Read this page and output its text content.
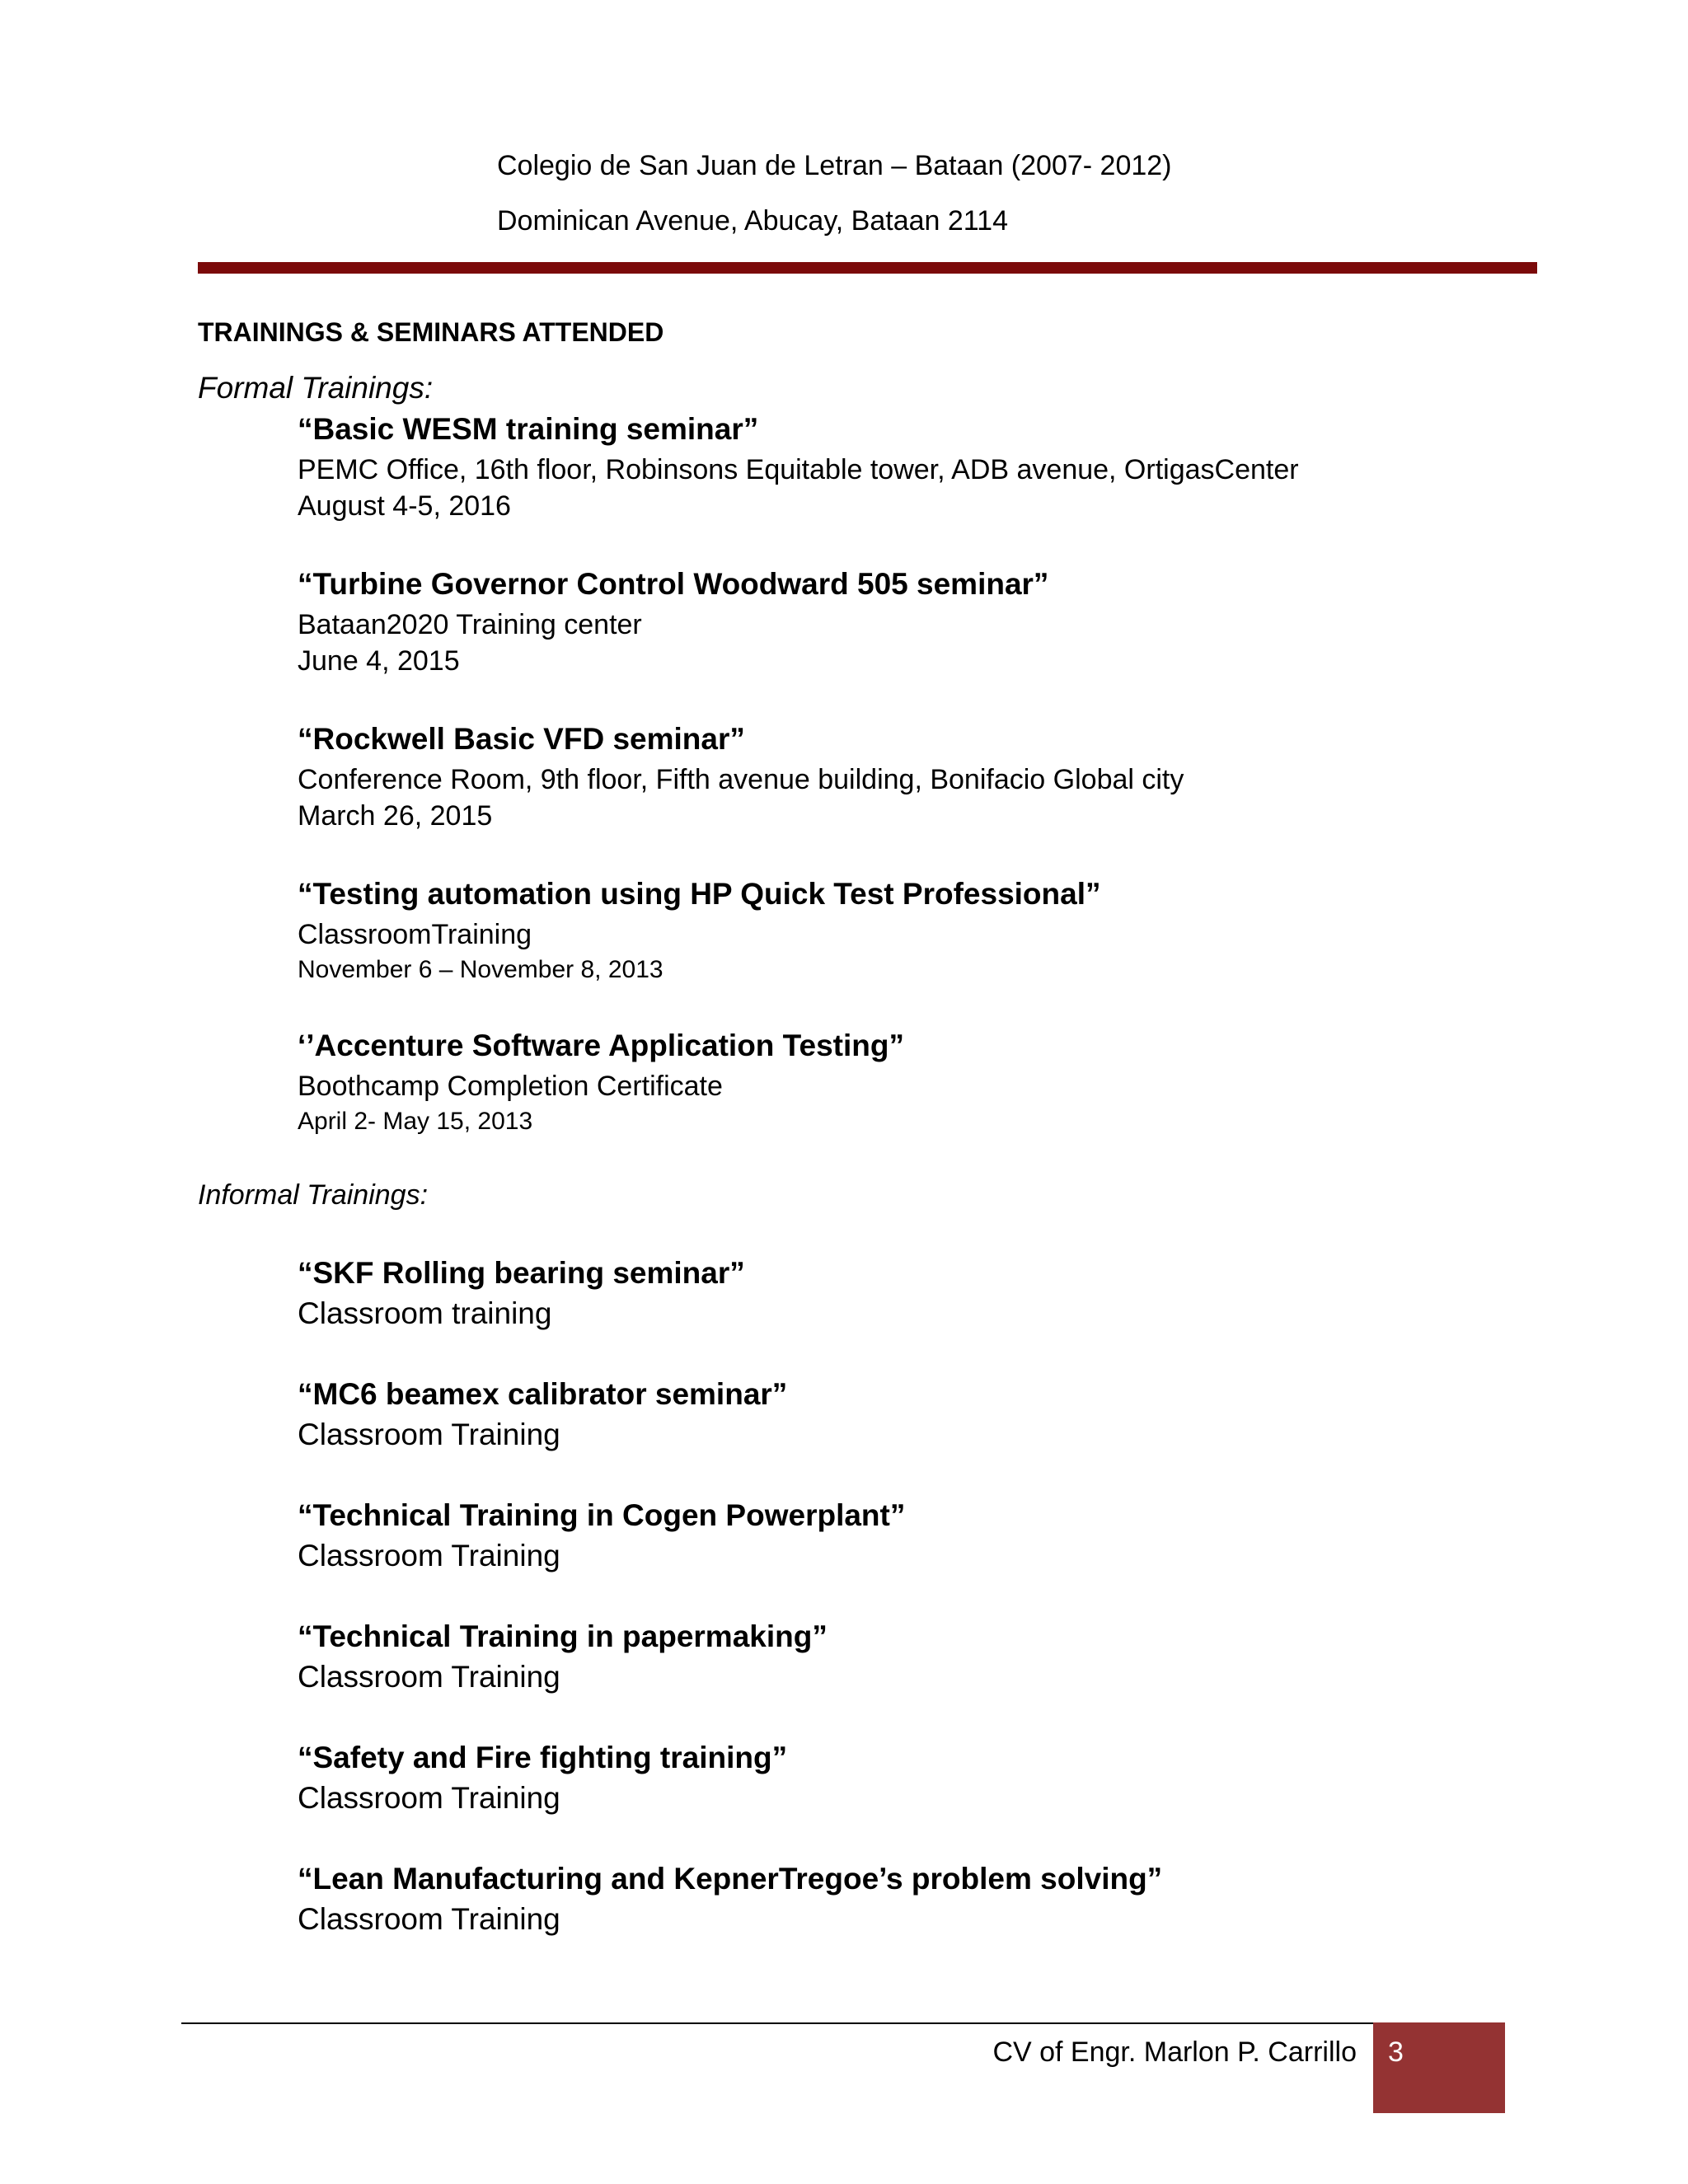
Colegio de San Juan de Letran – Bataan (2007- 2012)
Dominican Avenue, Abucay, Bataan 2114
TRAININGS & SEMINARS ATTENDED
Formal Trainings:
“Basic WESM training seminar”
PEMC Office, 16th floor, Robinsons Equitable tower, ADB avenue, OrtigasCenter
August 4-5, 2016
“Turbine Governor Control Woodward 505 seminar”
Bataan2020 Training center
June 4, 2015
“Rockwell Basic VFD seminar”
Conference Room, 9th floor, Fifth avenue building, Bonifacio Global city
March 26, 2015
“Testing automation using HP Quick Test Professional”
ClassroomTraining
November 6 – November 8, 2013
‘’Accenture Software Application Testing”
Boothcamp Completion Certificate
April 2- May 15, 2013
Informal Trainings:
“SKF Rolling bearing seminar”
Classroom training
“MC6 beamex calibrator seminar”
Classroom Training
“Technical Training in Cogen Powerplant”
Classroom Training
“Technical Training in papermaking”
Classroom Training
“Safety and Fire fighting training”
Classroom Training
“Lean Manufacturing and KepnerTregoe’s problem solving”
Classroom Training
CV of Engr. Marlon P. Carrillo 3
